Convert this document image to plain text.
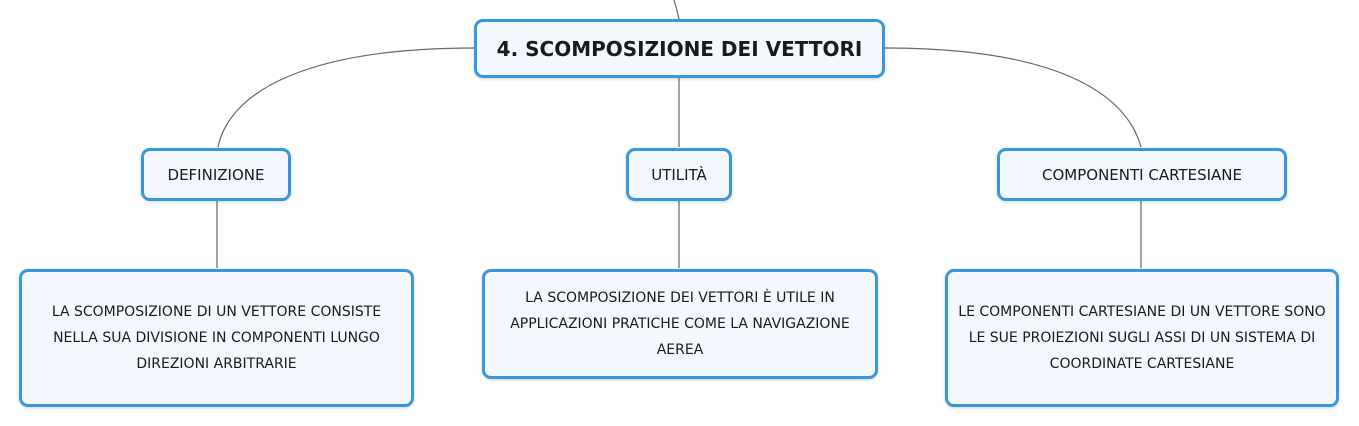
4. SCOMPOSIZIONE DEI VETTORI
DEFINIZIONE	UTILITÀ	COMPONENTI CARTESIANE
LA SCOMPOSIZIONE DI UN VETTORE CONSISTE NELLA SUA DIVISIONE IN COMPONENTI LUNGO DIREZIONI ARBITRARIE
LA SCOMPOSIZIONE DEI VETTORI È UTILE IN APPLICAZIONI PRATICHE COME LA NAVIGAZIONE AEREA
LE COMPONENTI CARTESIANE DI UN VETTORE SONO LE SUE PROIEZIONI SUGLI ASSI DI UN SISTEMA DI COORDINATE CARTESIANE
